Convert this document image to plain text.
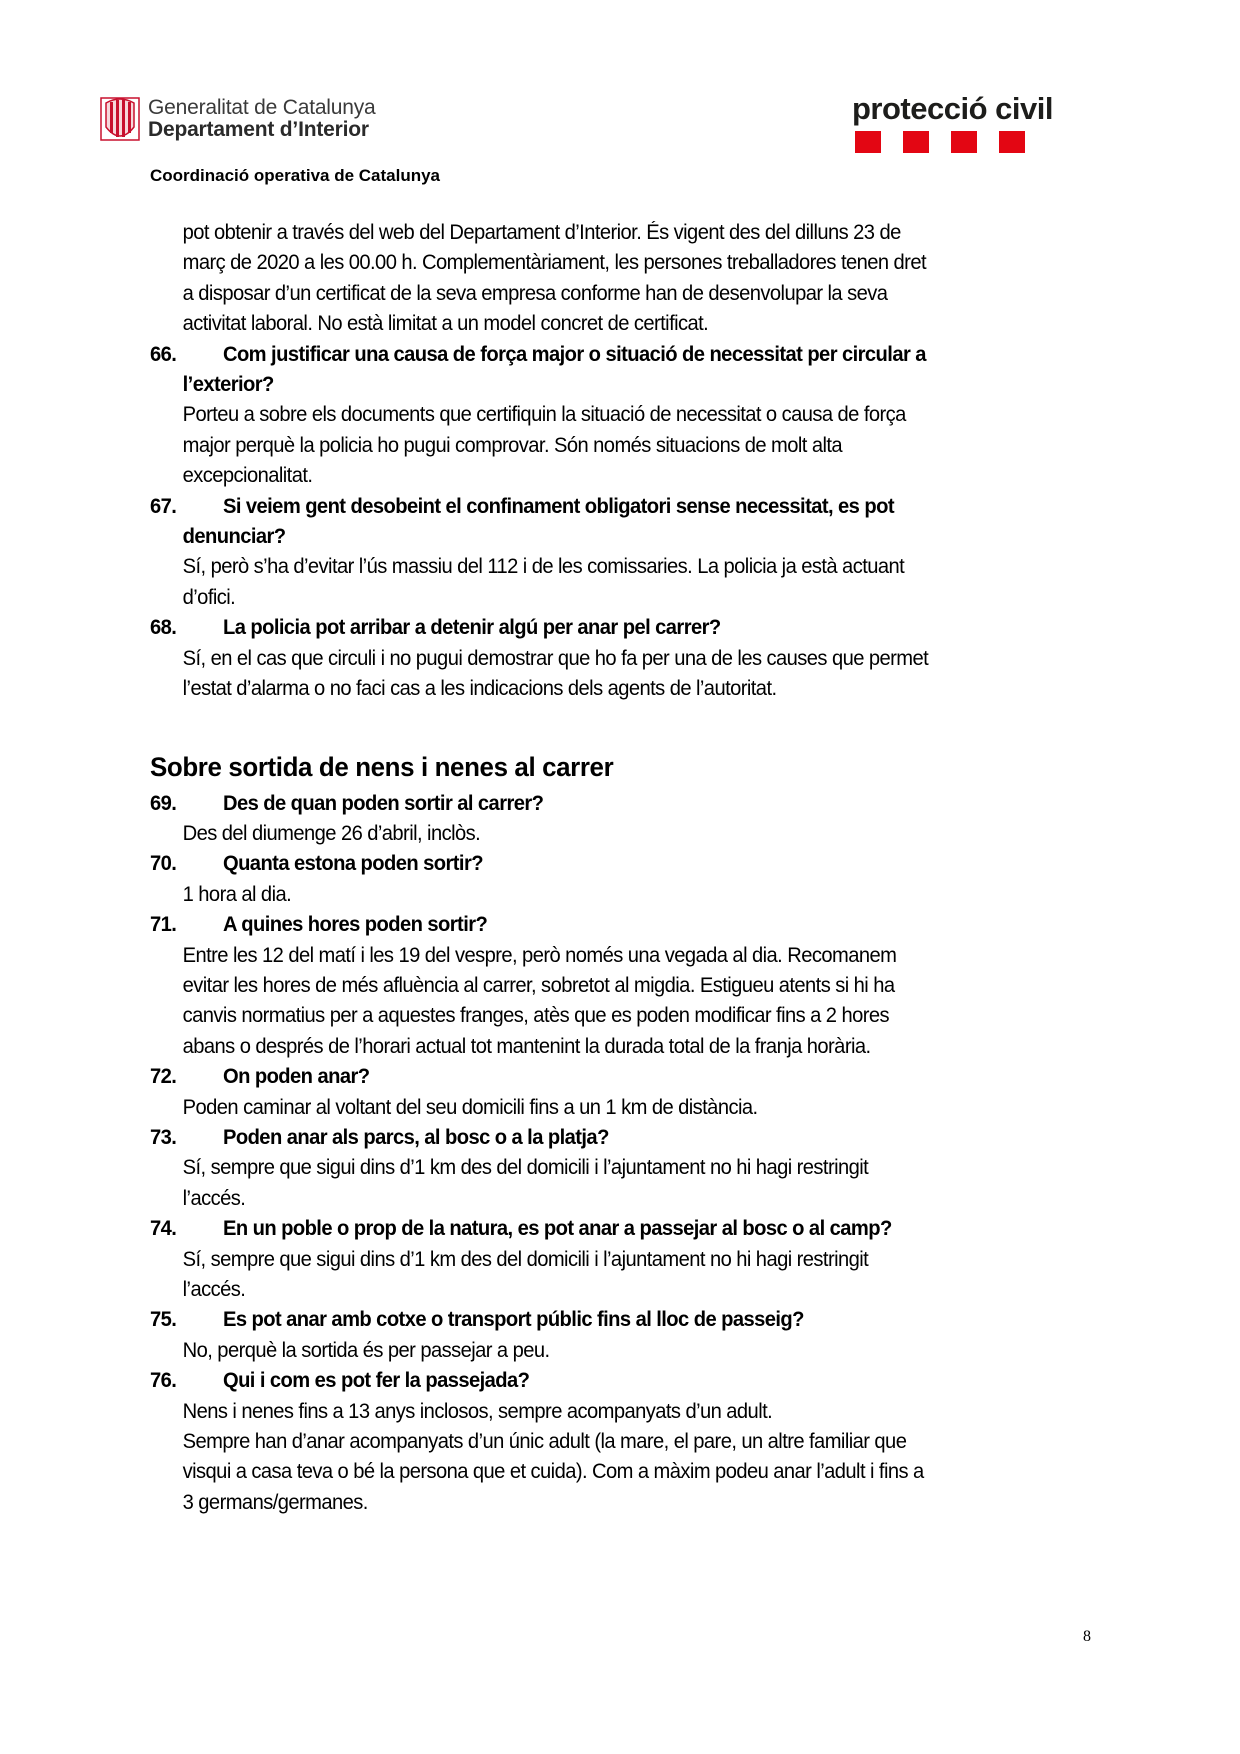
Generalitat de Catalunya
Departament d’Interior
protecció civil
Coordinació operativa de Catalunya
pot obtenir a través del web del Departament d’Interior. És vigent des del dilluns 23 de
març de 2020 a les 00.00 h. Complementàriament, les persones treballadores tenen dret
a disposar d’un certificat de la seva empresa conforme han de desenvolupar la seva
activitat laboral. No està limitat a un model concret de certificat.
66.	Com justificar una causa de força major o situació de necessitat per circular a
l’exterior?
Porteu a sobre els documents que certifiquin la situació de necessitat o causa de força
major perquè la policia ho pugui comprovar. Són només situacions de molt alta
excepcionalitat.
67.	Si veiem gent desobeint el confinament obligatori sense necessitat, es pot
denunciar?
Sí, però s’ha d’evitar l’ús massiu del 112 i de les comissaries. La policia ja està actuant
d’ofici.
68.	La policia pot arribar a detenir algú per anar pel carrer?
Sí, en el cas que circuli i no pugui demostrar que ho fa per una de les causes que permet
l’estat d’alarma o no faci cas a les indicacions dels agents de l’autoritat.
Sobre sortida de nens i nenes al carrer
69.	Des de quan poden sortir al carrer?
Des del diumenge 26 d’abril, inclòs.
70.	Quanta estona poden sortir?
1 hora al dia.
71.	A quines hores poden sortir?
Entre les 12 del matí i les 19 del vespre, però només una vegada al dia. Recomanem
evitar les hores de més afluència al carrer, sobretot al migdia. Estigueu atents si hi ha
canvis normatius per a aquestes franges, atès que es poden modificar fins a 2 hores
abans o després de l’horari actual tot mantenint la durada total de la franja horària.
72.	On poden anar?
Poden caminar al voltant del seu domicili fins a un 1 km de distància.
73.	Poden anar als parcs, al bosc o a la platja?
Sí, sempre que sigui dins d’1 km des del domicili i l’ajuntament no hi hagi restringit
l’accés.
74.	En un poble o prop de la natura, es pot anar a passejar al bosc o al camp?
Sí, sempre que sigui dins d’1 km des del domicili i l’ajuntament no hi hagi restringit
l’accés.
75.	Es pot anar amb cotxe o transport públic fins al lloc de passeig?
No, perquè la sortida és per passejar a peu.
76.	Qui i com es pot fer la passejada?
Nens i nenes fins a 13 anys inclosos, sempre acompanyats d’un adult.
Sempre han d’anar acompanyats d’un únic adult (la mare, el pare, un altre familiar que
visqui a casa teva o bé la persona que et cuida). Com a màxim podeu anar l’adult i fins a
3 germans/germanes.
8
